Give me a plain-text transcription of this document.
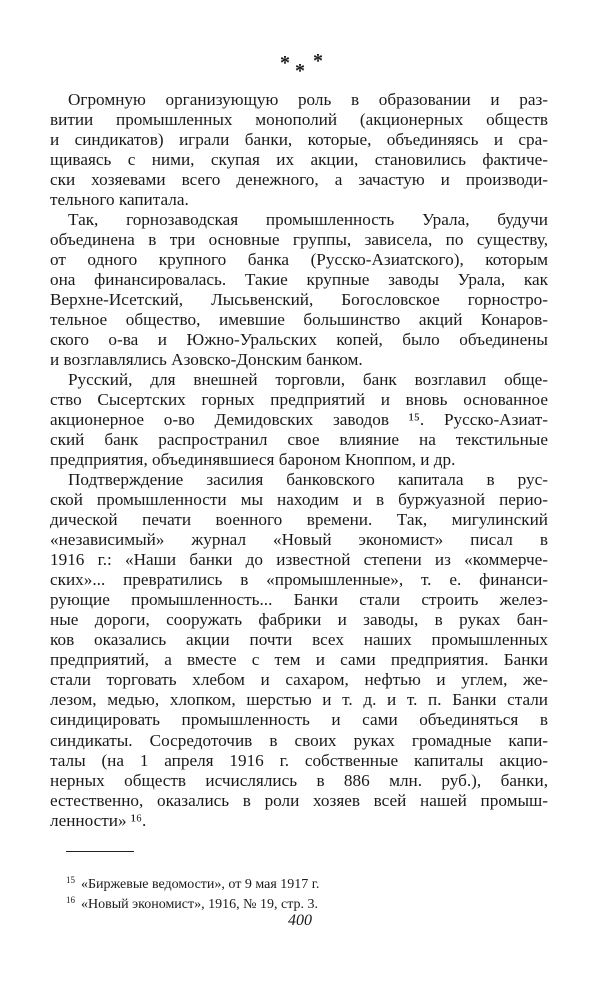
* * *
Огромную организующую роль в образовании и раз-
витии промышленных монополий (акционерных обществ
и синдикатов) играли банки, которые, объединяясь и сра-
щиваясь с ними, скупая их акции, становились фактиче-
ски хозяевами всего денежного, а зачастую и производи-
тельного капитала.
Так, горнозаводская промышленность Урала, будучи
объединена в три основные группы, зависела, по существу,
от одного крупного банка (Русско-Азиатского), которым
она финансировалась. Такие крупные заводы Урала, как
Верхне-Исетский, Лысьвенский, Богословское горностро-
тельное общество, имевшие большинство акций Конаров-
ского о-ва и Южно-Уральских копей, было объединены
и возглавлялись Азовско-Донским банком.
Русский, для внешней торговли, банк возглавил обще-
ство Сысертских горных предприятий и вновь основанное
акционерное о-во Демидовских заводов ¹⁵. Русско-Азиат-
ский банк распространил свое влияние на текстильные
предприятия, объединявшиеся бароном Кноппом, и др.
Подтверждение засилия банковского капитала в рус-
ской промышленности мы находим и в буржуазной перио-
дической печати военного времени. Так, мигулинский
«независимый» журнал «Новый экономист» писал в
1916 г.: «Наши банки до известной степени из «коммерче-
ских»... превратились в «промышленные», т. е. финанси-
рующие промышленность... Банки стали строить желез-
ные дороги, сооружать фабрики и заводы, в руках бан-
ков оказались акции почти всех наших промышленных
предприятий, а вместе с тем и сами предприятия. Банки
стали торговать хлебом и сахаром, нефтью и углем, же-
лезом, медью, хлопком, шерстью и т. д. и т. п. Банки стали
синдицировать промышленность и сами объединяться в
синдикаты. Сосредоточив в своих руках громадные капи-
талы (на 1 апреля 1916 г. собственные капиталы акцио-
нерных обществ исчислялись в 886 млн. руб.), банки,
естественно, оказались в роли хозяев всей нашей промыш-
ленности» ¹⁶.
$^{15}$ «Биржевые ведомости», от 9 мая 1917 г.
$^{16}$ «Новый экономист», 1916, № 19, стр. 3.
400
